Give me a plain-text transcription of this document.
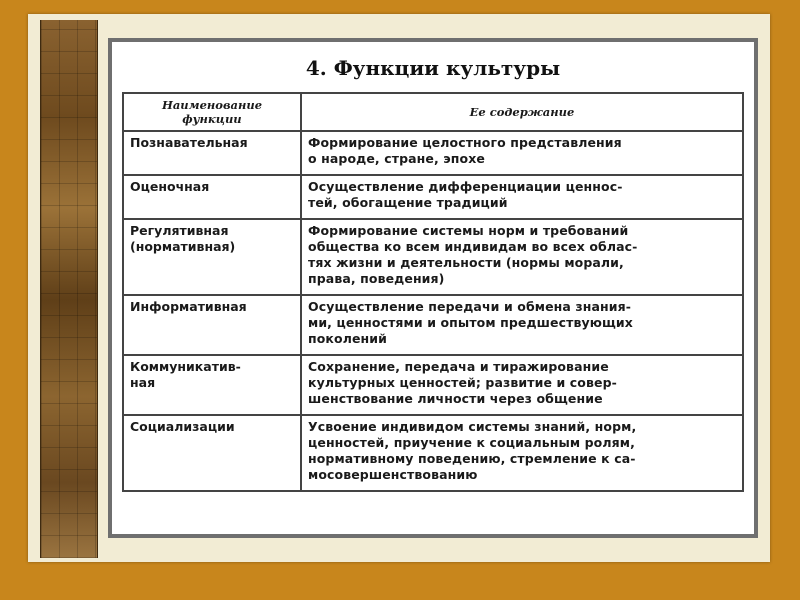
4. Функции культуры
Наименование
функции	Ее содержание
Познавательная	Формирование целостного представления
о народе, стране, эпохе
Оценочная	Осуществление дифференциации ценнос-
тей, обогащение традиций
Регулятивная
(нормативная)	Формирование системы норм и требований
общества ко всем индивидам во всех облас-
тях жизни и деятельности (нормы морали,
права, поведения)
Информативная	Осуществление передачи и обмена знания-
ми, ценностями и опытом предшествующих
поколений
Коммуникатив-
ная	Сохранение, передача и тиражирование
культурных ценностей; развитие и совер-
шенствование личности через общение
Социализации	Усвоение индивидом системы знаний, норм,
ценностей, приучение к социальным ролям,
нормативному поведению, стремление к са-
мосовершенствованию
